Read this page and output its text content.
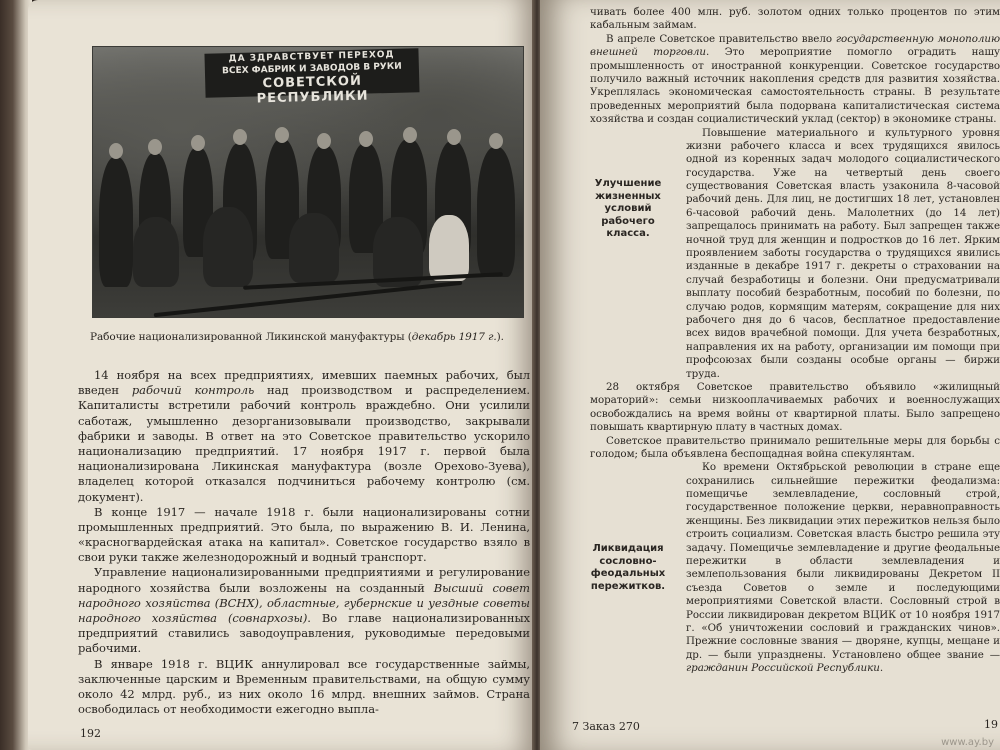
ДА ЗДРАВСТВУЕТ ПЕРЕХОД
ВСЕХ ФАБРИК И ЗАВОДОВ В РУКИ
СОВЕТСКОЙ РЕСПУБЛИКИ
Рабочие национализированной Ликинской мануфактуры (декабрь 1917 г.).

14 ноября на всех предприятиях, имевших паемных рабочих, был введен рабочий контроль над производством и распределением. Капиталисты встретили рабочий контроль враждебно. Они усилили саботаж, умышленно дезорганизовывали производство, закрывали фабрики и заводы. В ответ на это Советское правительство ускорило национализацию предприятий. 17 ноября 1917 г. первой была национализирована Ликинская мануфактура (возле Орехово-Зуева), владелец которой отказался подчиниться рабочему контролю (см. документ).

В конце 1917 — начале 1918 г. были национализированы сотни промышленных предприятий. Это была, по выражению В. И. Ленина, «красногвардейская атака на капитал». Советское государство взяло в свои руки также железнодорожный и водный транспорт.

Управление национализированными предприятиями и регулирование народного хозяйства были возложены на созданный Высший совет народного хозяйства (ВСНХ), областные, губернские и уездные советы народного хозяйства (совнархозы). Во главе национализированных предприятий ставились заводоуправления, руководимые передовыми рабочими.

В январе 1918 г. ВЦИК аннулировал все государственные займы, заключенные царским и Временным правительствами, на общую сумму около 42 млрд. руб., из них около 16 млрд. внешних займов. Страна освободилась от необходимости ежегодно выпла-

192

чивать более 400 млн. руб. золотом одних только процентов по этим кабальным займам.

В апреле Советское правительство ввело государственную монополию внешней торговли. Это мероприятие помогло оградить нашу промышленность от иностранной конкуренции. Советское государство получило важный источник накопления средств для развития хозяйства. Укреплялась экономическая самостоятельность страны. В результате проведенных мероприятий была подорвана капиталистическая система хозяйства и создан социалистический уклад (сектор) в экономике страны.

Повышение материального и культурного уровня жизни рабочего класса и всех трудящихся явилось одной из коренных задач молодого социалистического государства. Уже на четвертый день своего существования Советская власть узаконила 8-часовой рабочий день. Для лиц, не достигших 18 лет, установлен 6-часовой рабочий день. Малолетних (до 14 лет) запрещалось принимать на работу. Был запрещен также ночной труд для женщин и подростков до 16 лет. Ярким проявлением заботы государства о трудящихся явились изданные в декабре 1917 г. декреты о страховании на случай безработицы и болезни. Они предусматривали выплату пособий безработным, пособий по болезни, по случаю родов, кормящим матерям, сокращение для них рабочего дня до 6 часов, бесплатное предоставление всех видов врачебной помощи. Для учета безработных, направления их на работу, организации им помощи при профсоюзах были созданы особые органы — биржи труда.

28 октября Советское правительство объявило «жилищный мораторий»: семьи низкооплачиваемых рабочих и военнослужащих освобождались на время войны от квартирной платы. Было запрещено повышать квартирную плату в частных домах.

Советское правительство принимало решительные меры для борьбы с голодом; была объявлена беспощадная война спекулянтам.

Ко времени Октябрьской революции в стране еще сохранились сильнейшие пережитки феодализма: помещичье землевладение, сословный строй, государственное положение церкви, неравноправность женщины. Без ликвидации этих пережитков нельзя было строить социализм. Советская власть быстро решила эту задачу. Помещичье землевладение и другие феодальные пережитки в области землевладения и землепользования были ликвидированы Декретом II съезда Советов о земле и последующими мероприятиями Советской власти. Сословный строй в России ликвидирован декретом ВЦИК от 10 ноября 1917 г. «Об уничтожении сословий и гражданских чинов». Прежние сословные звания — дворяне, купцы, мещане и др. — были упразднены. Установлено общее звание — гражданин Российской Республики.

Улучшение жизненных условий рабочего класса.
Ликвидация сословно-феодальных пережитков.
7 Заказ 270	19
www.ay.by
